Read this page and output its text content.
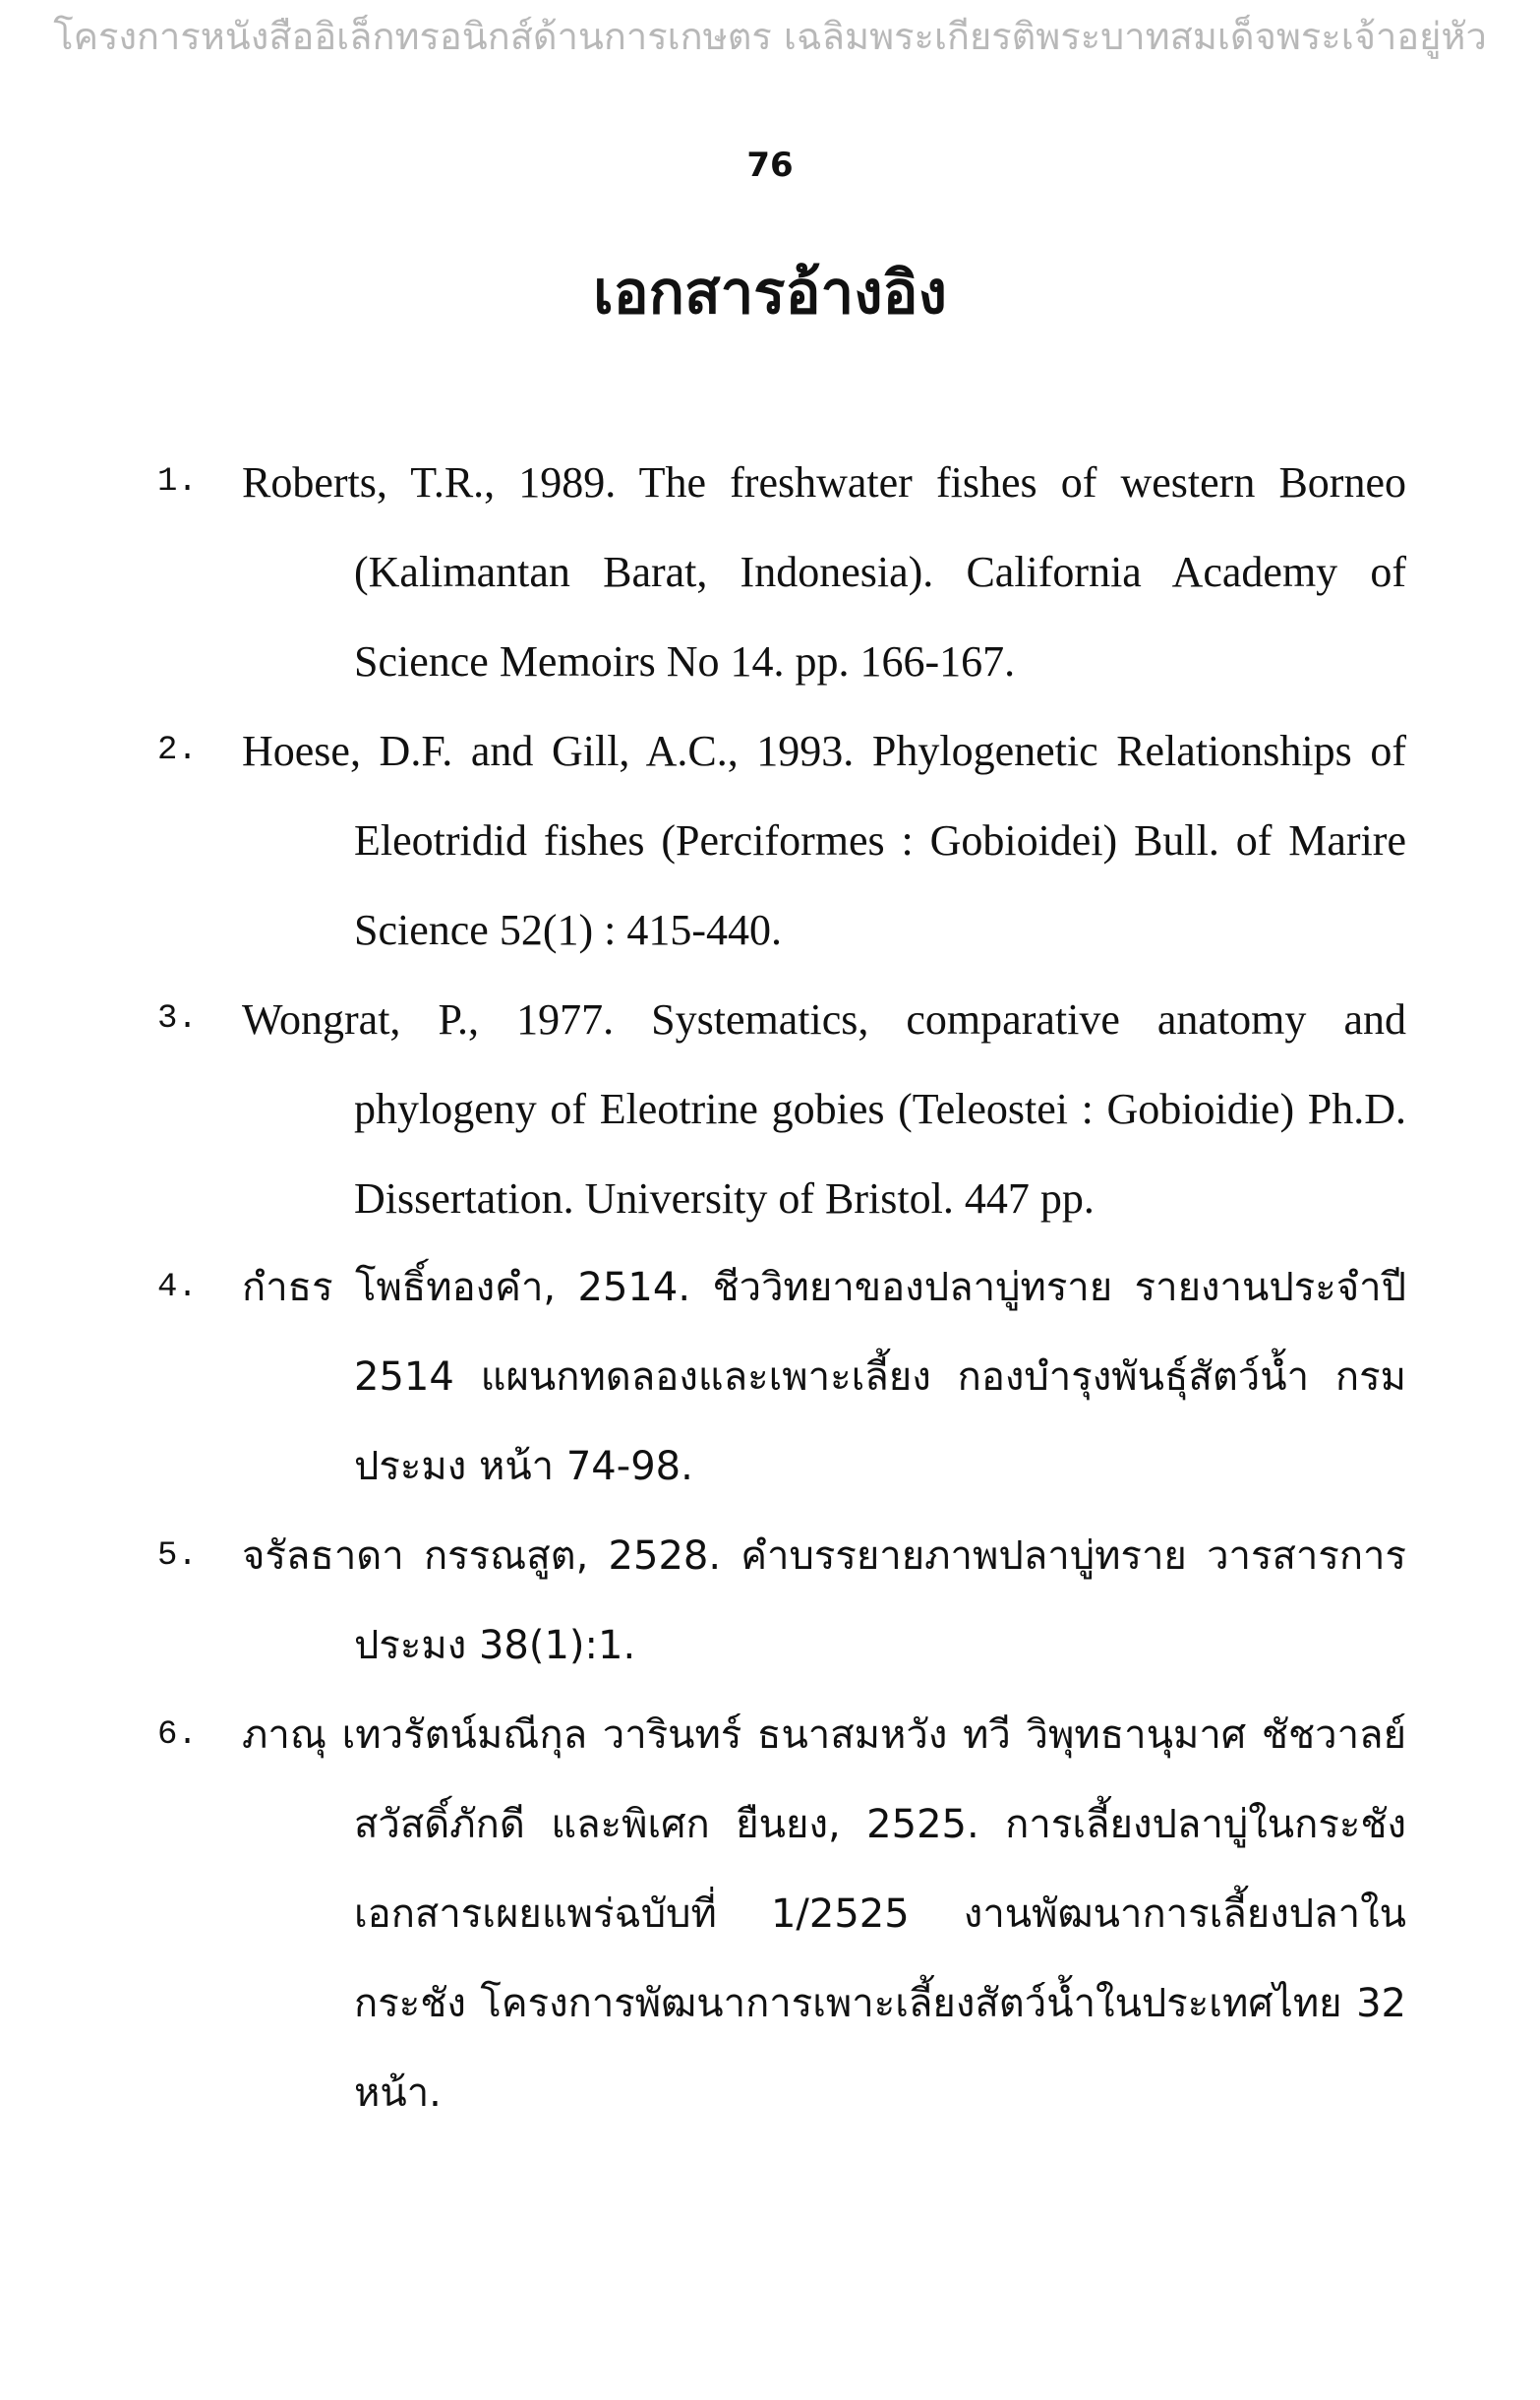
โครงการหนังสืออิเล็กทรอนิกส์ด้านการเกษตร เฉลิมพระเกียรติพระบาทสมเด็จพระเจ้าอยู่หัว
76
เอกสารอ้างอิง
1. Roberts, T.R., 1989. The freshwater fishes of western Borneo (Kalimantan Barat, Indonesia). California Academy of Science Memoirs No 14. pp. 166-167.
2. Hoese, D.F. and Gill, A.C., 1993. Phylogenetic Relationships of Eleotridid fishes (Perciformes : Gobioidei) Bull. of Marire Science 52(1) : 415-440.
3. Wongrat, P., 1977. Systematics, comparative anatomy and phylogeny of Eleotrine gobies (Teleostei : Gobioidie) Ph.D. Dissertation. University of Bristol. 447 pp.
4. กำธร โพธิ์ทองคำ, 2514. ชีววิทยาของปลาบู่ทราย รายงานประจำปี 2514 แผนกทดลองและเพาะเลี้ยง กองบำรุงพันธุ์สัตว์น้ำ กรมประมง หน้า 74-98.
5. จรัลธาดา กรรณสูต, 2528. คำบรรยายภาพปลาบู่ทราย วารสารการประมง 38(1):1.
6. ภาณุ เทวรัตน์มณีกุล วารินทร์ ธนาสมหวัง ทวี วิพุทธานุมาศ ชัชวาลย์ สวัสดิ์ภักดี และพิเศก ยืนยง, 2525. การเลี้ยงปลาบู่ในกระชัง เอกสารเผยแพร่ฉบับที่ 1/2525 งานพัฒนาการเลี้ยงปลาในกระชัง โครงการพัฒนาการเพาะเลี้ยงสัตว์น้ำในประเทศไทย 32 หน้า.
